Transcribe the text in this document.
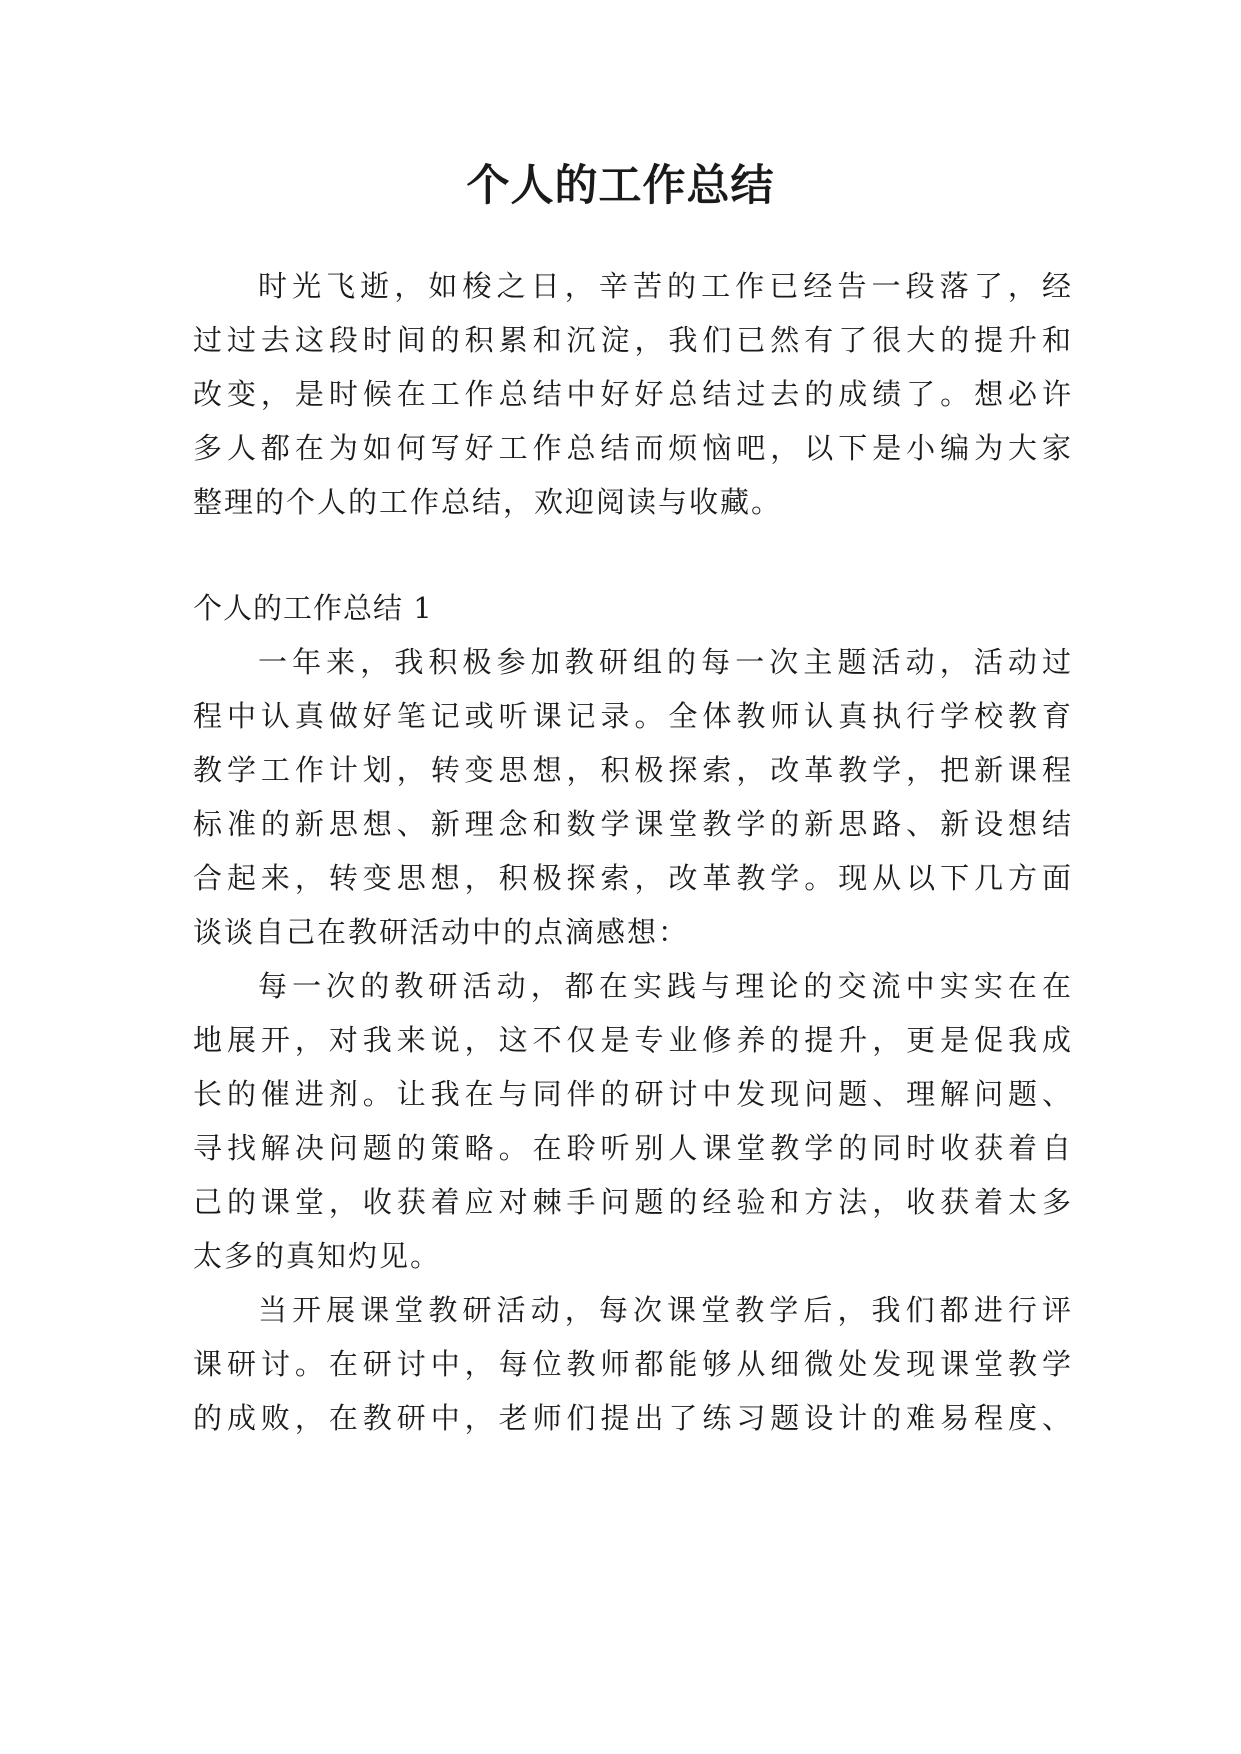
个人的工作总结
时光飞逝，如梭之日，辛苦的工作已经告一段落了，经
过过去这段时间的积累和沉淀，我们已然有了很大的提升和
改变，是时候在工作总结中好好总结过去的成绩了。想必许
多人都在为如何写好工作总结而烦恼吧，以下是小编为大家
整理的个人的工作总结，欢迎阅读与收藏。
个人的工作总结 1
一年来，我积极参加教研组的每一次主题活动，活动过
程中认真做好笔记或听课记录。全体教师认真执行学校教育
教学工作计划，转变思想，积极探索，改革教学，把新课程
标准的新思想、新理念和数学课堂教学的新思路、新设想结
合起来，转变思想，积极探索，改革教学。现从以下几方面
谈谈自己在教研活动中的点滴感想：
每一次的教研活动，都在实践与理论的交流中实实在在
地展开，对我来说，这不仅是专业修养的提升，更是促我成
长的催进剂。让我在与同伴的研讨中发现问题、理解问题、
寻找解决问题的策略。在聆听别人课堂教学的同时收获着自
己的课堂，收获着应对棘手问题的经验和方法，收获着太多
太多的真知灼见。
当开展课堂教研活动，每次课堂教学后，我们都进行评
课研讨。在研讨中，每位教师都能够从细微处发现课堂教学
的成败，在教研中，老师们提出了练习题设计的难易程度、
